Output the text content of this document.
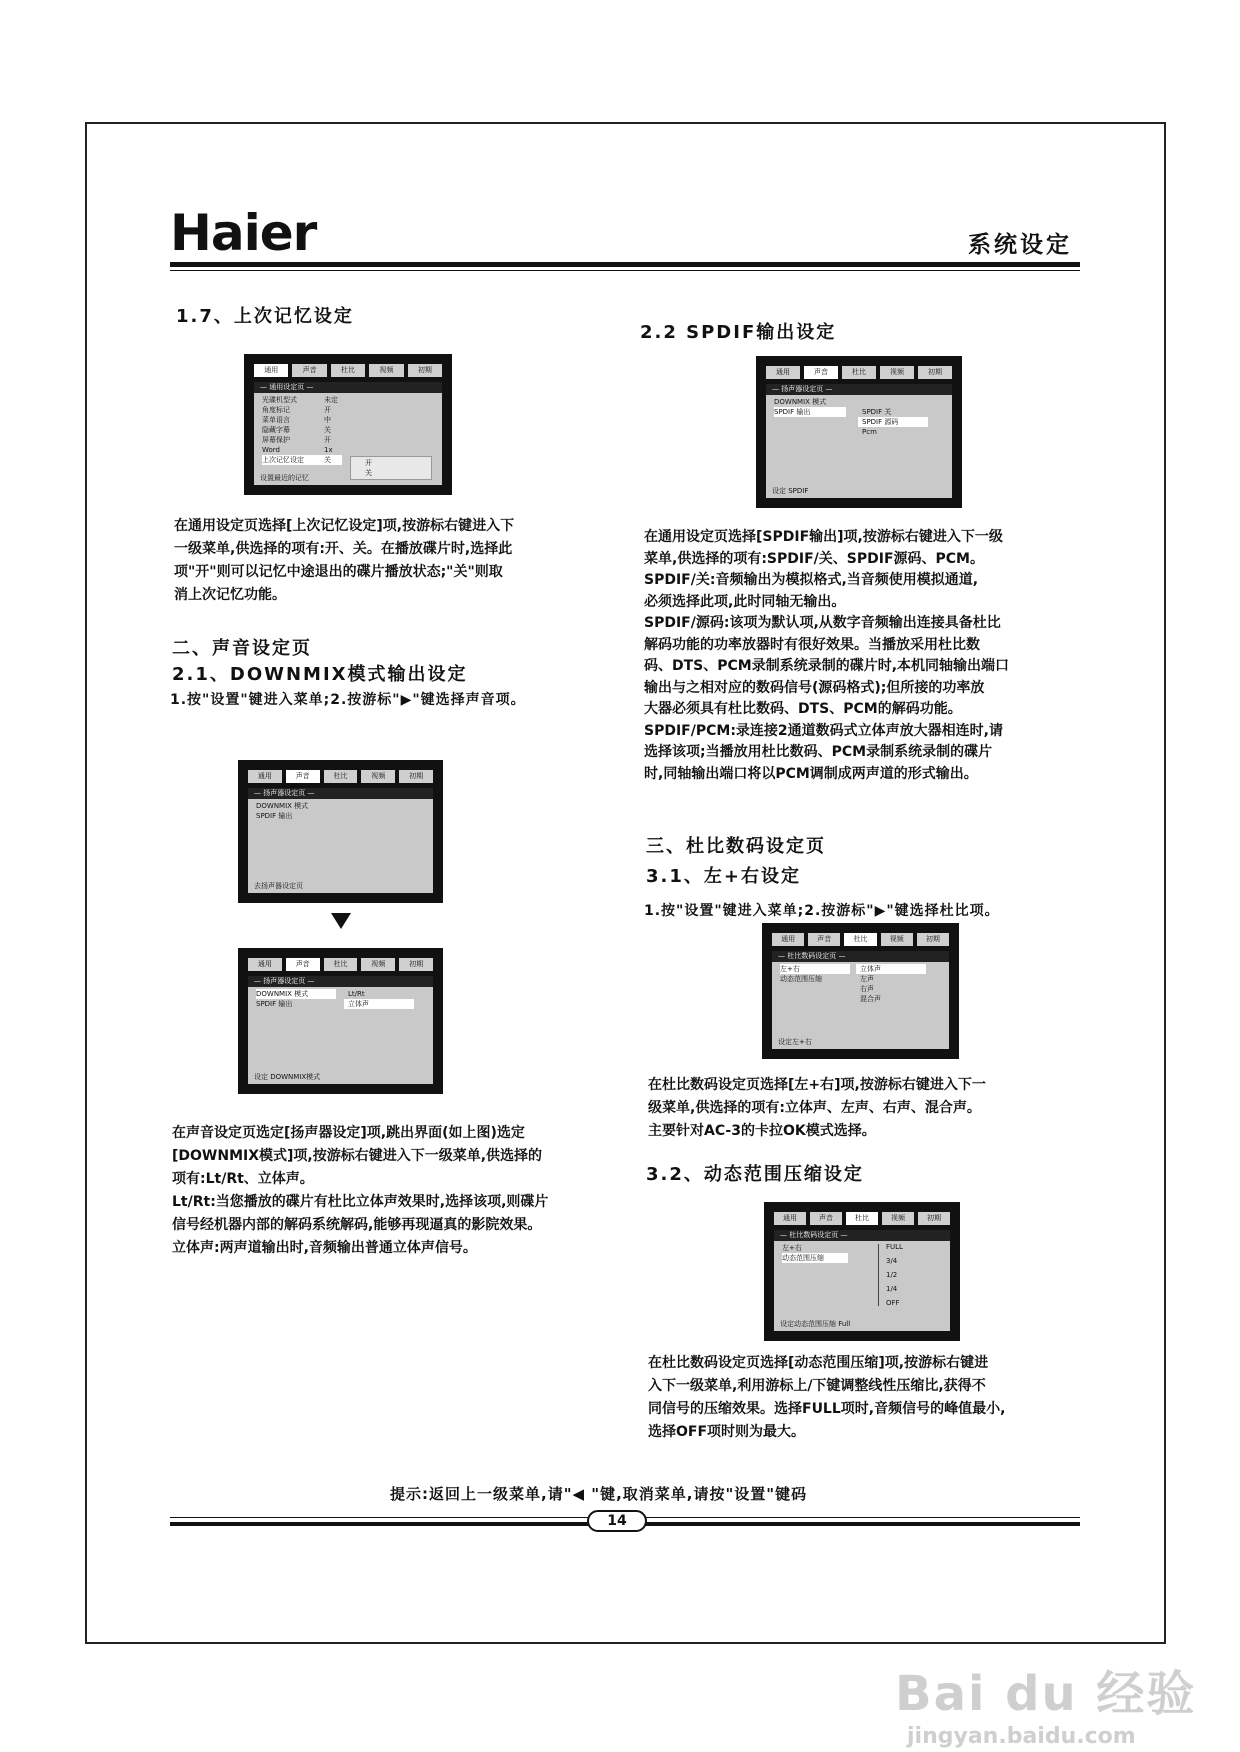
Haier	系统设定
1.7、上次记忆设定
通用	声音	杜比	视频	初期
— 通用设定页 —
光碟机型式	未定
角度标记	开
菜单语言	中
隐藏字幕	关
屏幕保护	开
Word	1x
上次记忆设定	关	开
关
设置最近的记忆

在通用设定页选择[上次记忆设定]项,按游标右键进入下

一级菜单,供选择的项有:开、关。在播放碟片时,选择此

项"开"则可以记忆中途退出的碟片播放状态;"关"则取

消上次记忆功能。

二、声音设定页
2.1、DOWNMIX模式输出设定
1.按"设置"键进入菜单;2.按游标"▶"键选择声音项。
通用	声音	杜比	视频	初期
— 扬声器设定页 —
DOWNMIX 模式
SPDIF 输出
去扬声器设定页
通用	声音	杜比	视频	初期
— 扬声器设定页 —
DOWNMIX 模式
SPDIF 输出
Lt/Rt
立体声
设定 DOWNMIX模式

在声音设定页选定[扬声器设定]项,跳出界面(如上图)选定

[DOWNMIX模式]项,按游标右键进入下一级菜单,供选择的

项有:Lt/Rt、立体声。

Lt/Rt:当您播放的碟片有杜比立体声效果时,选择该项,则碟片

信号经机器内部的解码系统解码,能够再现逼真的影院效果。

立体声:两声道输出时,音频输出普通立体声信号。

2.2 SPDIF输出设定
通用	声音	杜比	视频	初期
— 扬声器设定页 —
DOWNMIX 模式
SPDIF 输出	SPDIF 关
SPDIF 源码
Pcm
设定 SPDIF

在通用设定页选择[SPDIF输出]项,按游标右键进入下一级

菜单,供选择的项有:SPDIF/关、SPDIF源码、PCM。

SPDIF/关:音频输出为模拟格式,当音频使用模拟通道,

必须选择此项,此时同轴无输出。

SPDIF/源码:该项为默认项,从数字音频输出连接具备杜比

解码功能的功率放器时有很好效果。当播放采用杜比数

码、DTS、PCM录制系统录制的碟片时,本机同轴输出端口

输出与之相对应的数码信号(源码格式);但所接的功率放

大器必须具有杜比数码、DTS、PCM的解码功能。

SPDIF/PCM:录连接2通道数码式立体声放大器相连时,请

选择该项;当播放用杜比数码、PCM录制系统录制的碟片

时,同轴输出端口将以PCM调制成两声道的形式输出。

三、杜比数码设定页
3.1、左+右设定
1.按"设置"键进入菜单;2.按游标"▶"键选择杜比项。
通用	声音	杜比	视频	初期
— 杜比数码设定页 —
左+右
动态范围压缩
立体声
左声
右声
混合声
设定左+右

在杜比数码设定页选择[左+右]项,按游标右键进入下一

级菜单,供选择的项有:立体声、左声、右声、混合声。

主要针对AC-3的卡拉OK模式选择。

3.2、动态范围压缩设定
通用	声音	杜比	视频	初期
— 杜比数码设定页 —
左+右
动态范围压缩
FULL
3/4
1/2
1/4
OFF
设定动态范围压缩 Full

在杜比数码设定页选择[动态范围压缩]项,按游标右键进

入下一级菜单,利用游标上/下键调整线性压缩比,获得不

同信号的压缩效果。选择FULL项时,音频信号的峰值最小,

选择OFF项时则为最大。

提示:返回上一级菜单,请"◀ "键,取消菜单,请按"设置"键码
14
Bai du 经验
jingyan.baidu.com
